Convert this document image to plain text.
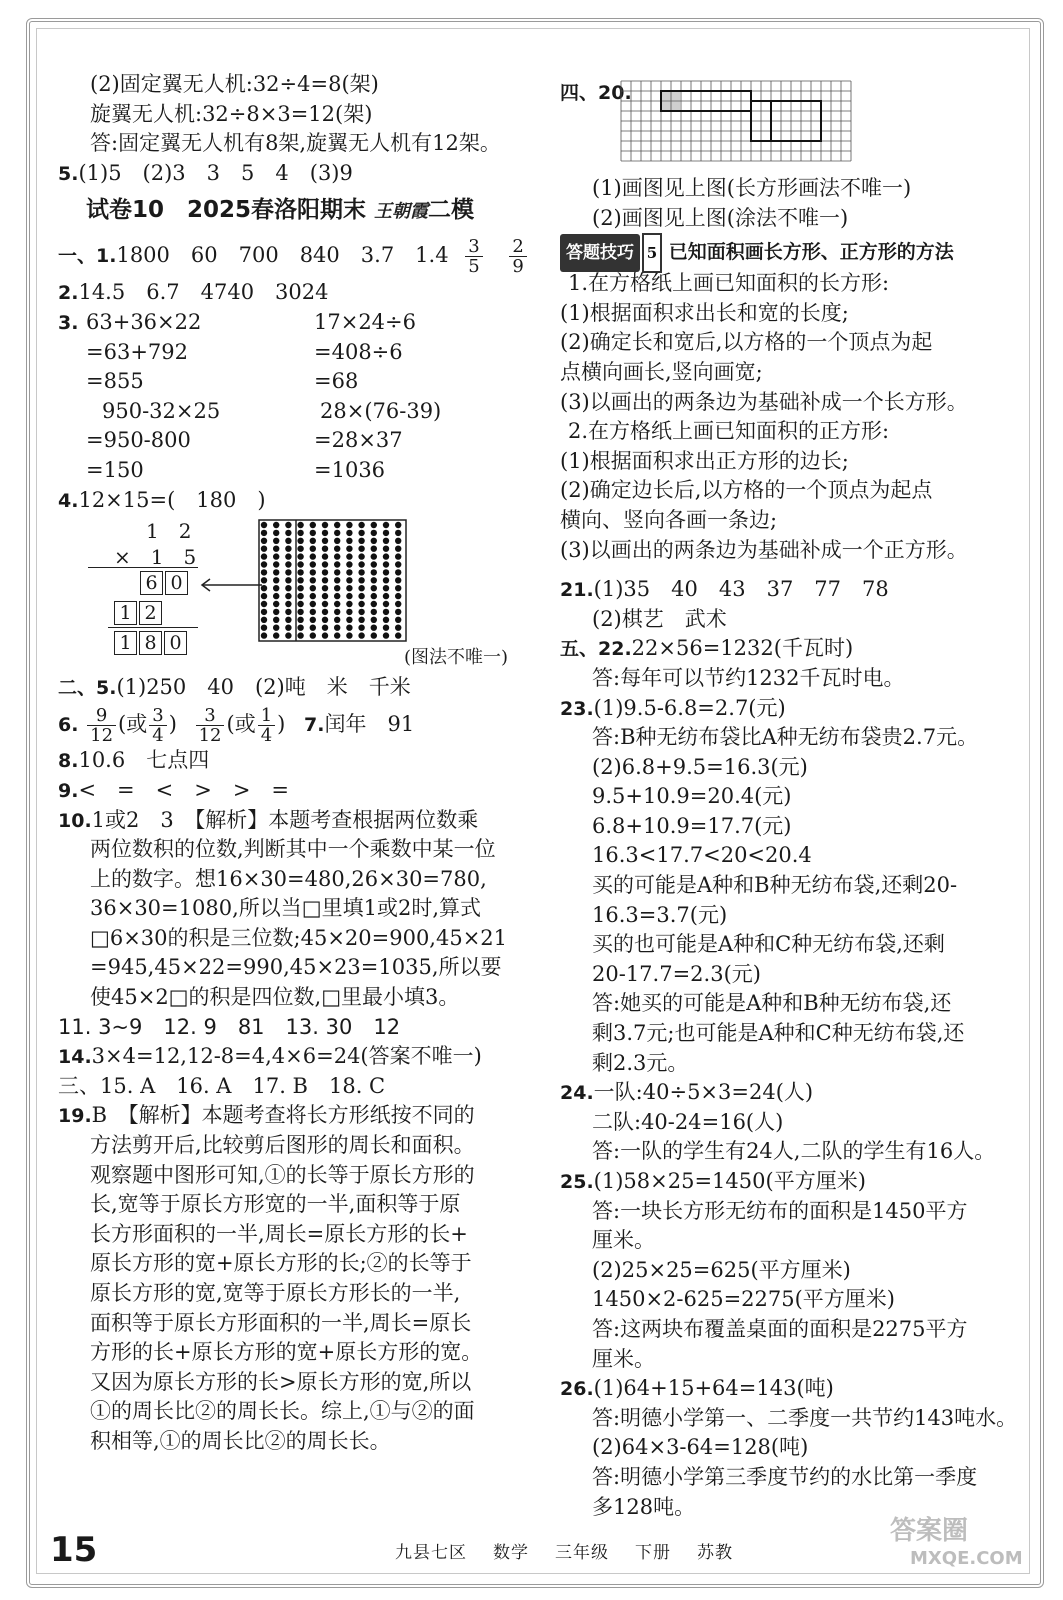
(2)固定翼无人机:32÷4=8(架)
旋翼无人机:32÷8×3=12(架)
答:固定翼无人机有8架,旋翼无人机有12架。
5.(1)5　(2)3　3　5　4　(3)9
试卷10　2025春洛阳期末 王朝霞二模
一、1.1800　60　700　840　3.7　$1.4 \frac{3}{5}$
$\frac{2}{9}$
2.14.5　6.7　4740　3024
3. 63+36×22	17×24÷6
=63+792	=408÷6
=855	=68
950-32×25	28×(76-39)
=950-800	=28×37
=150	=1036
4.12×15=(　180　)
1　2
×　1　5
6 0
1 2
1 8 0
(图法不唯一)
二、5.(1)250　40　(2)吨　米　千米
6. $\frac{9}{12}$ (或 $\frac{3}{4}$ ) $\frac{3}{12}$ (或 $\frac{1}{4}$ ) 7.闰年　91
8.10.6　七点四
9.<　=　<　>　>　=
10.1或2　3　【解析】本题考查根据两位数乘
两位数积的位数,判断其中一个乘数中某一位
上的数字。想16×30=480,26×30=780,
36×30=1080,所以当□里填1或2时,算式
□6×30的积是三位数;45×20=900,45×21
=945,45×22=990,45×23=1035,所以要
使45×2□的积是四位数,□里最小填3。
11. 3~9　12. 9　81　13. 30　12
14.3×4=12,12-8=4,4×6=24(答案不唯一)
三、15. A　16. A　17. B　18. C
19.B　【解析】本题考查将长方形纸按不同的
方法剪开后,比较剪后图形的周长和面积。
观察题中图形可知,①的长等于原长方形的
长,宽等于原长方形宽的一半,面积等于原
长方形面积的一半,周长=原长方形的长+
原长方形的宽+原长方形的长;②的长等于
原长方形的宽,宽等于原长方形长的一半,
面积等于原长方形面积的一半,周长=原长
方形的长+原长方形的宽+原长方形的宽。
又因为原长方形的长>原长方形的宽,所以
①的周长比②的周长长。综上,①与②的面
积相等,①的周长比②的周长长。
四、20.
(1)画图见上图(长方形画法不唯一)
(2)画图见上图(涂法不唯一)
答题技巧 5 已知面积画长方形、正方形的方法
1.在方格纸上画已知面积的长方形:
(1)根据面积求出长和宽的长度;
(2)确定长和宽后,以方格的一个顶点为起
点横向画长,竖向画宽;
(3)以画出的两条边为基础补成一个长方形。
2.在方格纸上画已知面积的正方形:
(1)根据面积求出正方形的边长;
(2)确定边长后,以方格的一个顶点为起点
横向、竖向各画一条边;
(3)以画出的两条边为基础补成一个正方形。
21.(1)35　40　43　37　77　78
(2)棋艺　武术
五、22.22×56=1232(千瓦时)
答:每年可以节约1232千瓦时电。
23.(1)9.5-6.8=2.7(元)
答:B种无纺布袋比A种无纺布袋贵2.7元。
(2)6.8+9.5=16.3(元)
9.5+10.9=20.4(元)
6.8+10.9=17.7(元)
16.3<17.7<20<20.4
买的可能是A种和B种无纺布袋,还剩20-
16.3=3.7(元)
买的也可能是A种和C种无纺布袋,还剩
20-17.7=2.3(元)
答:她买的可能是A种和B种无纺布袋,还
剩3.7元;也可能是A种和C种无纺布袋,还
剩2.3元。
24.一队:40÷5×3=24(人)
二队:40-24=16(人)
答:一队的学生有24人,二队的学生有16人。
25.(1)58×25=1450(平方厘米)
答:一块长方形无纺布的面积是1450平方
厘米。
(2)25×25=625(平方厘米)
1450×2-625=2275(平方厘米)
答:这两块布覆盖桌面的面积是2275平方
厘米。
26.(1)64+15+64=143(吨)
答:明德小学第一、二季度一共节约143吨水。
(2)64×3-64=128(吨)
答:明德小学第三季度节约的水比第一季度
多128吨。
15	九县七区 数学 三年级 下册 苏教
答案圈
MXQE.COM
